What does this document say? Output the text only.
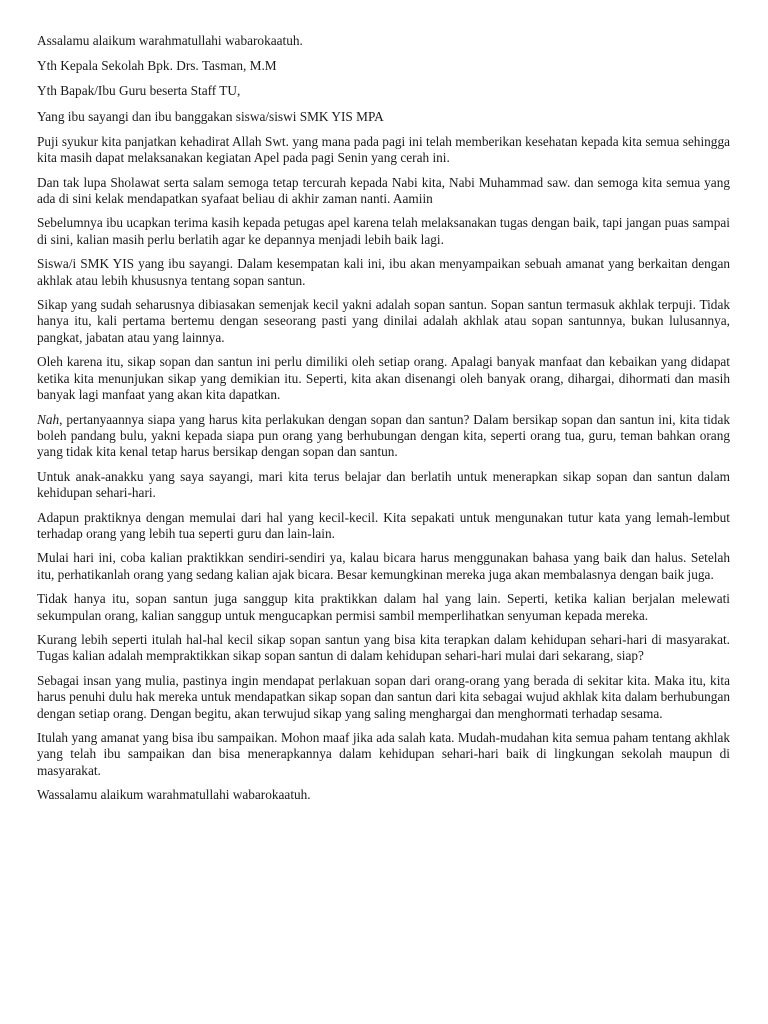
Assalamu alaikum warahmatullahi wabarokaatuh.

Yth Kepala Sekolah Bpk. Drs. Tasman, M.M

Yth Bapak/Ibu Guru beserta Staff TU,

Yang ibu sayangi dan ibu banggakan siswa/siswi SMK YIS MPA

Puji syukur kita panjatkan kehadirat Allah Swt. yang mana pada pagi ini telah memberikan kesehatan kepada kita semua sehingga kita masih dapat melaksanakan kegiatan Apel pada pagi Senin yang cerah ini.

Dan tak lupa Sholawat serta salam semoga tetap tercurah kepada Nabi kita, Nabi Muhammad saw. dan semoga kita semua yang ada di sini kelak mendapatkan syafaat beliau di akhir zaman nanti. Aamiin

Sebelumnya ibu ucapkan terima kasih kepada petugas apel karena telah melaksanakan tugas dengan baik, tapi jangan puas sampai di sini, kalian masih perlu berlatih agar ke depannya menjadi lebih baik lagi.

Siswa/i SMK YIS yang ibu sayangi. Dalam kesempatan kali ini, ibu akan menyampaikan sebuah amanat yang berkaitan dengan akhlak atau lebih khususnya tentang sopan santun.

Sikap yang sudah seharusnya dibiasakan semenjak kecil yakni adalah sopan santun. Sopan santun termasuk akhlak terpuji. Tidak hanya itu, kali pertama bertemu dengan seseorang pasti yang dinilai adalah akhlak atau sopan santunnya, bukan lulusannya, pangkat, jabatan atau yang lainnya.

Oleh karena itu, sikap sopan dan santun ini perlu dimiliki oleh setiap orang. Apalagi banyak manfaat dan kebaikan yang didapat ketika kita menunjukan sikap yang demikian itu. Seperti, kita akan disenangi oleh banyak orang, dihargai, dihormati dan masih banyak lagi manfaat yang akan kita dapatkan.

Nah, pertanyaannya siapa yang harus kita perlakukan dengan sopan dan santun? Dalam bersikap sopan dan santun ini, kita tidak boleh pandang bulu, yakni kepada siapa pun orang yang berhubungan dengan kita, seperti orang tua, guru, teman bahkan orang yang tidak kita kenal tetap harus bersikap dengan sopan dan santun.

Untuk anak-anakku yang saya sayangi, mari kita terus belajar dan berlatih untuk menerapkan sikap sopan dan santun dalam kehidupan sehari-hari.

Adapun praktiknya dengan memulai dari hal yang kecil-kecil. Kita sepakati untuk mengunakan tutur kata yang lemah-lembut terhadap orang yang lebih tua seperti guru dan lain-lain.

Mulai hari ini, coba kalian praktikkan sendiri-sendiri ya, kalau bicara harus menggunakan bahasa yang baik dan halus. Setelah itu, perhatikanlah orang yang sedang kalian ajak bicara. Besar kemungkinan mereka juga akan membalasnya dengan baik juga.

Tidak hanya itu, sopan santun juga sanggup kita praktikkan dalam hal yang lain. Seperti, ketika kalian berjalan melewati sekumpulan orang, kalian sanggup untuk mengucapkan permisi sambil memperlihatkan senyuman kepada mereka.

Kurang lebih seperti itulah hal-hal kecil sikap sopan santun yang bisa kita terapkan dalam kehidupan sehari-hari di masyarakat. Tugas kalian adalah mempraktikkan sikap sopan santun di dalam kehidupan sehari-hari mulai dari sekarang, siap?

Sebagai insan yang mulia, pastinya ingin mendapat perlakuan sopan dari orang-orang yang berada di sekitar kita. Maka itu, kita harus penuhi dulu hak mereka untuk mendapatkan sikap sopan dan santun dari kita sebagai wujud akhlak kita dalam berhubungan dengan setiap orang. Dengan begitu, akan terwujud sikap yang saling menghargai dan menghormati terhadap sesama.

Itulah yang amanat yang bisa ibu sampaikan. Mohon maaf jika ada salah kata. Mudah-mudahan kita semua paham tentang akhlak yang telah ibu sampaikan dan bisa menerapkannya dalam kehidupan sehari-hari baik di lingkungan sekolah maupun di masyarakat.

Wassalamu alaikum warahmatullahi wabarokaatuh.
